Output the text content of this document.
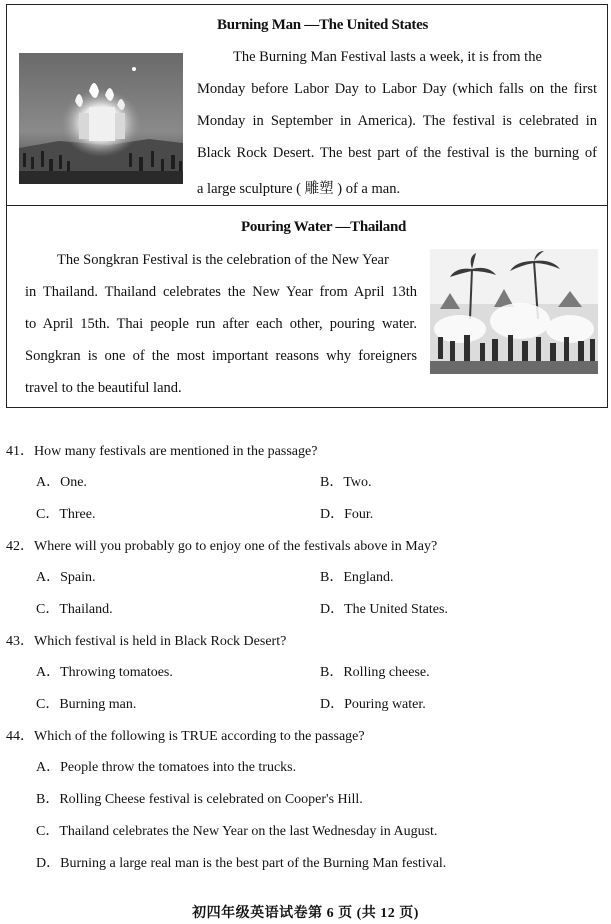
Burning Man —The United States
The Burning Man Festival lasts a week, it is from the
Monday before Labor Day to Labor Day (which falls on the first
Monday in September in America). The festival is celebrated in
Black Rock Desert. The best part of the festival is the burning of
a large sculpture ( 雕塑 ) of a man.
Pouring Water —Thailand
The Songkran Festival is the celebration of the New Year
in Thailand. Thailand celebrates the New Year from April 13th
to April 15th. Thai people run after each other, pouring water.
Songkran is one of the most important reasons why foreigners
travel to the beautiful land.
41．How many festivals are mentioned in the passage?
A．One.	B．Two.
C．Three.	D．Four.
42．Where will you probably go to enjoy one of the festivals above in May?
A．Spain.	B．England.
C．Thailand.	D．The United States.
43．Which festival is held in Black Rock Desert?
A．Throwing tomatoes.	B．Rolling cheese.
C．Burning man.	D．Pouring water.
44．Which of the following is TRUE according to the passage?
A．People throw the tomatoes into the trucks.
B．Rolling Cheese festival is celebrated on Cooper's Hill.
C．Thailand celebrates the New Year on the last Wednesday in August.
D．Burning a large real man is the best part of the Burning Man festival.
初四年级英语试卷第 6 页 (共 12 页)
